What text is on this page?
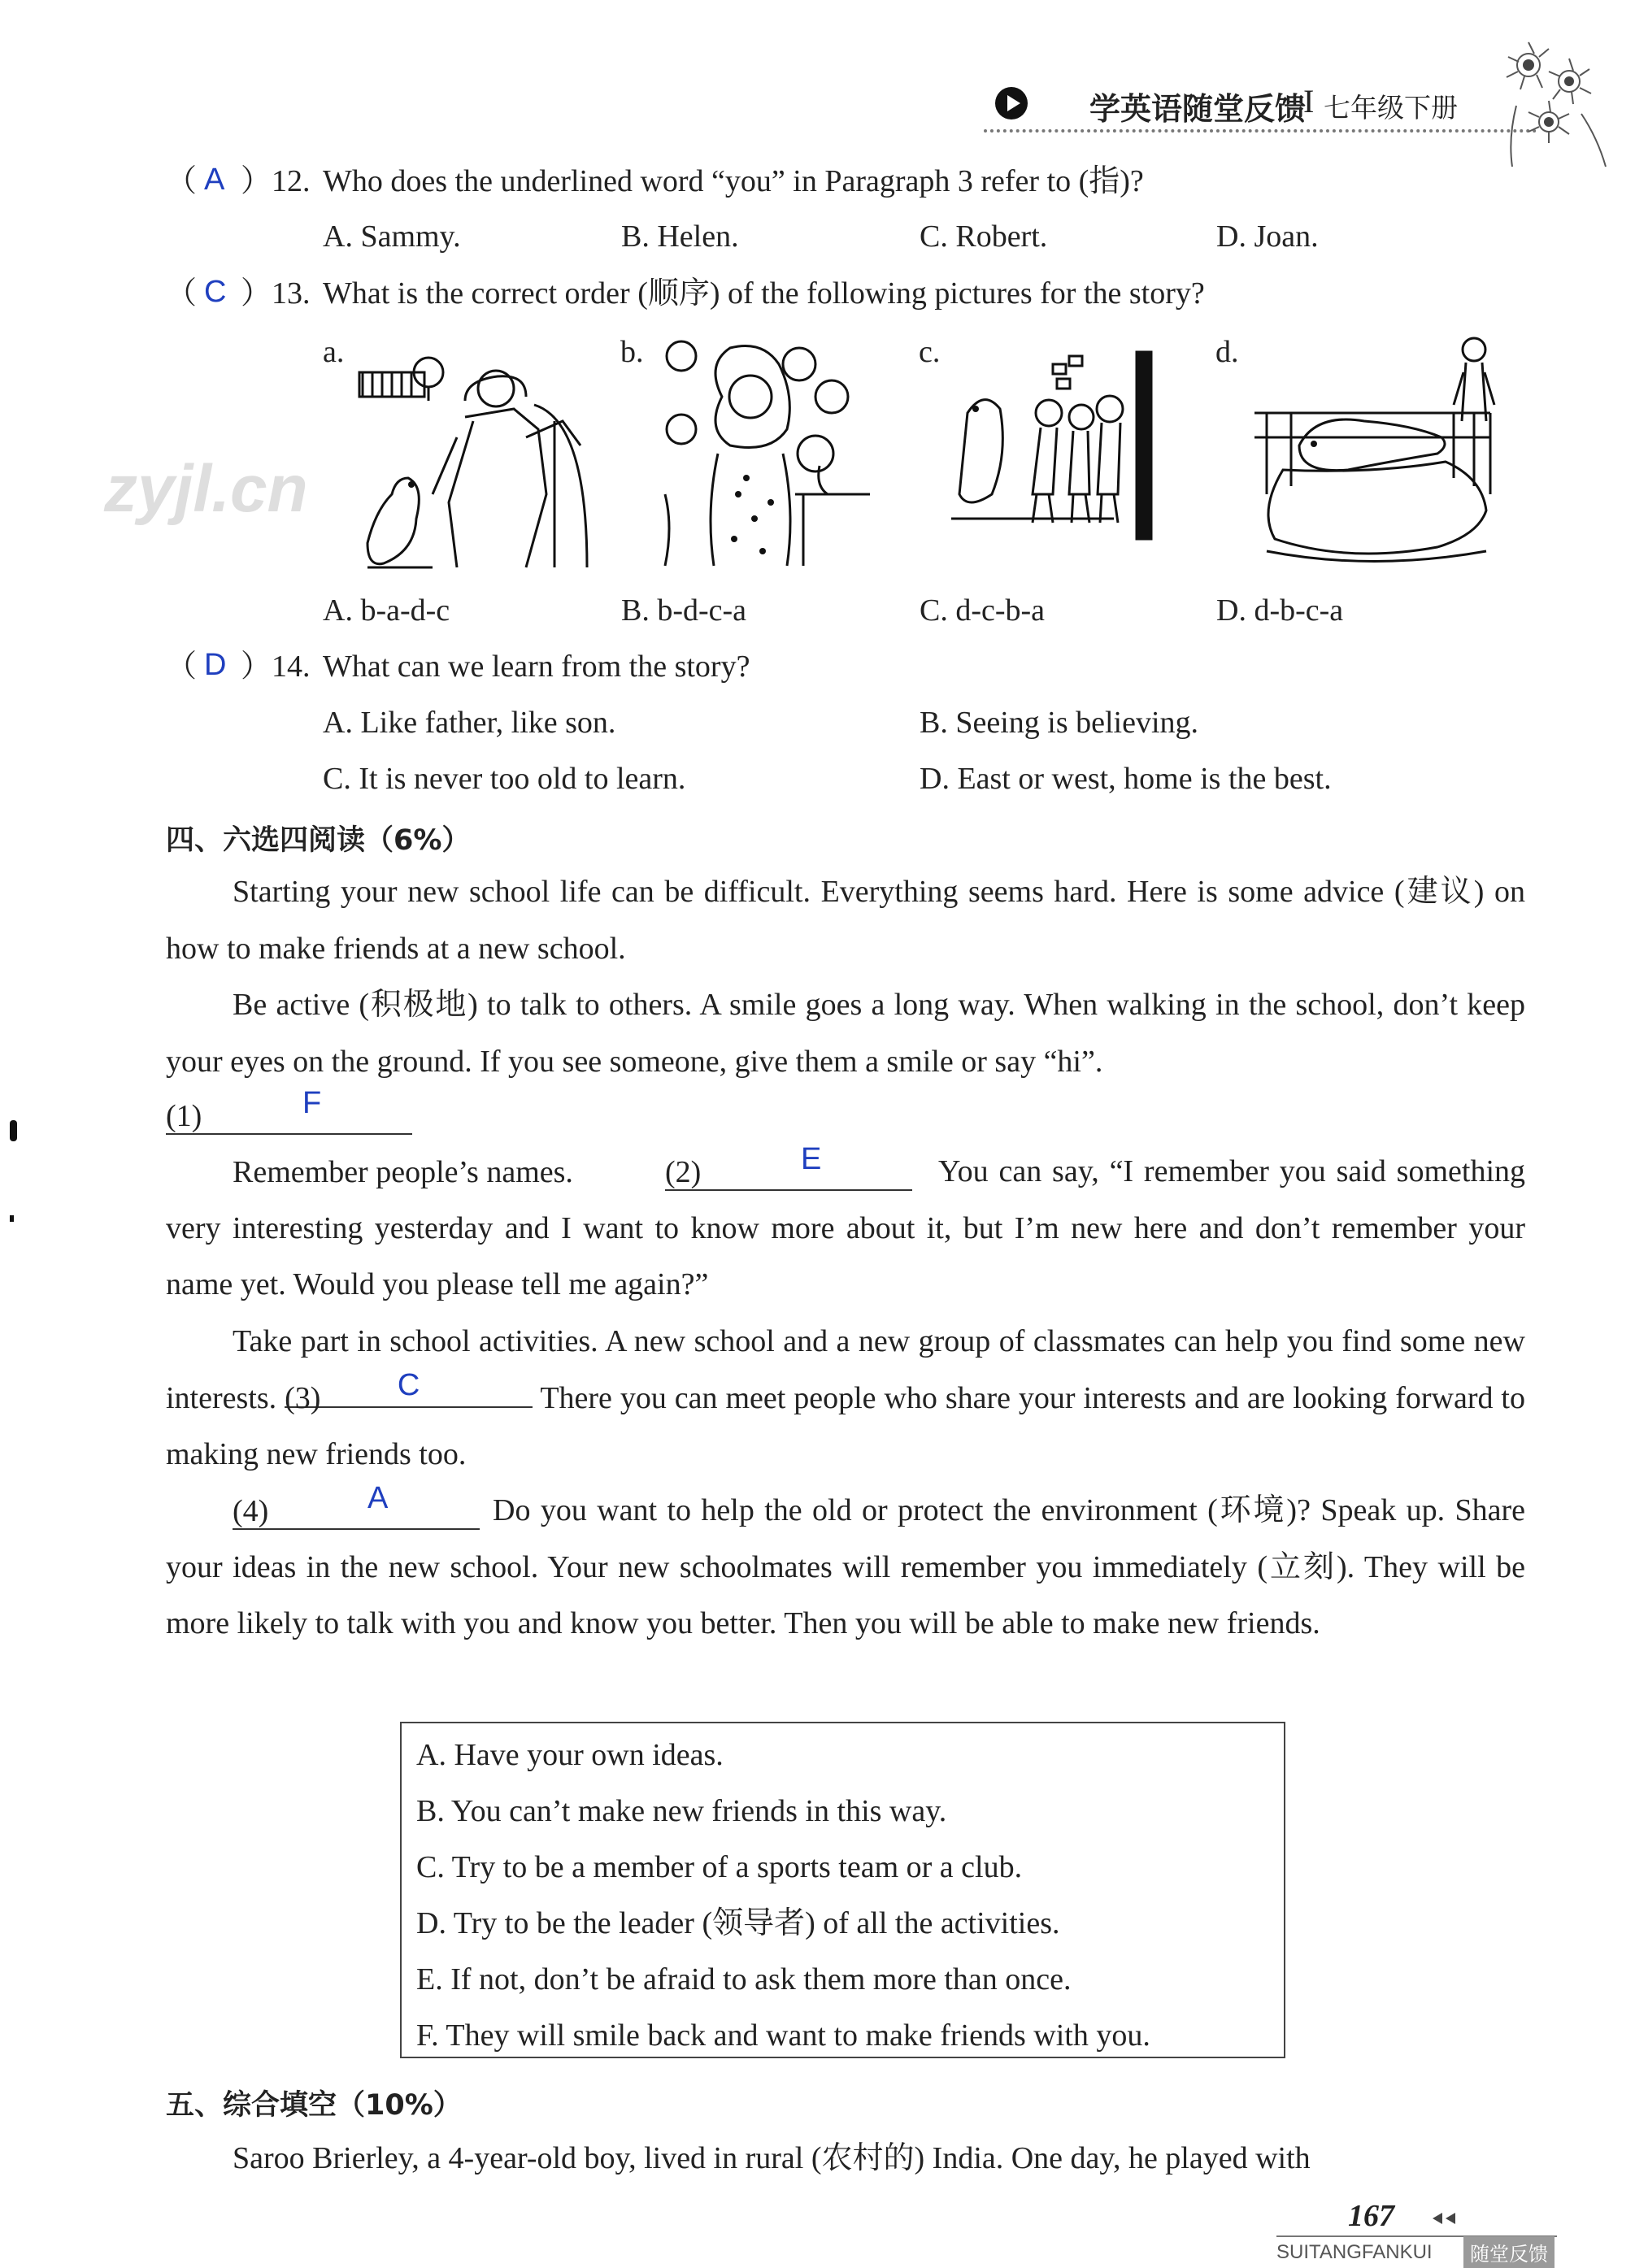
学英语随堂反馈
I 七年级下册
zyjl.cn
（ A ） 12. Who does the underlined word “you” in Paragraph 3 refer to (指)?
A. Sammy.	B. Helen.	C. Robert.	D. Joan.
（ C ） 13. What is the correct order (顺序) of the following pictures for the story?
a.	b.	c.	d.
A. b-a-d-c	B. b-d-c-a	C. d-c-b-a	D. d-b-c-a
（ D ） 14. What can we learn from the story?
A. Like father, like son.	B. Seeing is believing.
C. It is never too old to learn.	D. East or west, home is the best.
四、六选四阅读（6%）
Starting your new school life can be difficult. Everything seems hard. Here is some advice (建议) on how to make friends at a new school.
Be active (积极地) to talk to others. A smile goes a long way. When walking in the school, don’t keep your eyes on the ground. If you see someone, give them a smile or say “hi”.
(1)	F
Remember people’s names.	(2)	E	You can say, “I remember you said something very interesting yesterday and I want to know more about it, but I’m new here and don’t remember your name yet. Would you please tell me again?”
Take part in school activities. A new school and a new group of classmates can help you find some new interests. (3)	C	There you can meet people who share your interests and are looking forward to making new friends too.
(4)	A	Do you want to help the old or protect the environment (环境)? Speak up. Share your ideas in the new school. Your new schoolmates will remember you immediately (立刻). They will be more likely to talk with you and know you better. Then you will be able to make new friends.
A. Have your own ideas.
B. You can’t make new friends in this way.
C. Try to be a member of a sports team or a club.
D. Try to be the leader (领导者) of all the activities.
E. If not, don’t be afraid to ask them more than once.
F. They will smile back and want to make friends with you.
五、综合填空（10%）
Saroo Brierley, a 4-year-old boy, lived in rural (农村的) India. One day, he played with
167
SUITANGFANKUI	随堂反馈
